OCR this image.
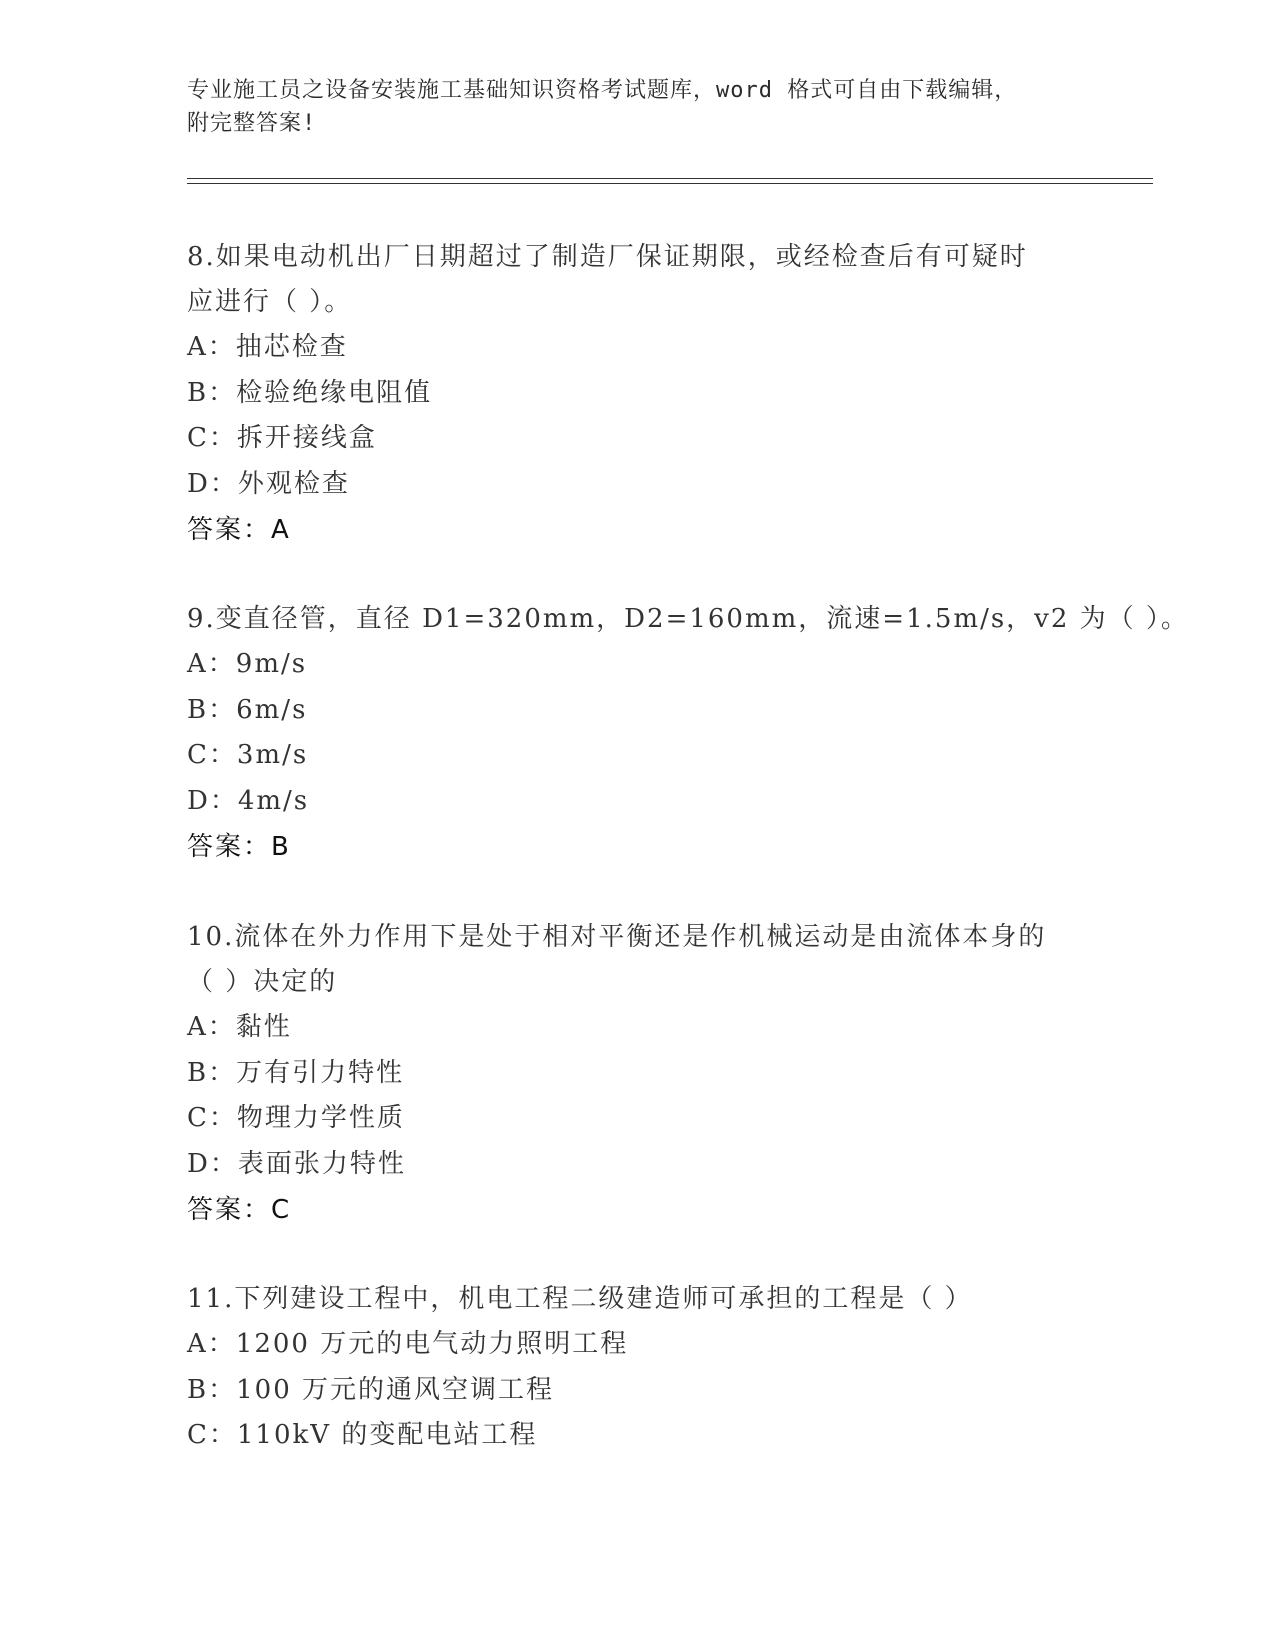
专业施工员之设备安装施工基础知识资格考试题库，word 格式可自由下载编辑，
附完整答案!
8.如果电动机出厂日期超过了制造厂保证期限，或经检查后有可疑时
应进行（ ）。
A：抽芯检查
B：检验绝缘电阻值
C：拆开接线盒
D：外观检查
答案：A
9.变直径管，直径 D1=320mm，D2=160mm，流速=1.5m/s，v2 为（ ）。
A：9m/s
B：6m/s
C：3m/s
D：4m/s
答案：B
10.流体在外力作用下是处于相对平衡还是作机械运动是由流体本身的
（ ）决定的
A：黏性
B：万有引力特性
C：物理力学性质
D：表面张力特性
答案：C
11.下列建设工程中，机电工程二级建造师可承担的工程是（ ）
A：1200 万元的电气动力照明工程
B：100 万元的通风空调工程
C：110kV 的变配电站工程
